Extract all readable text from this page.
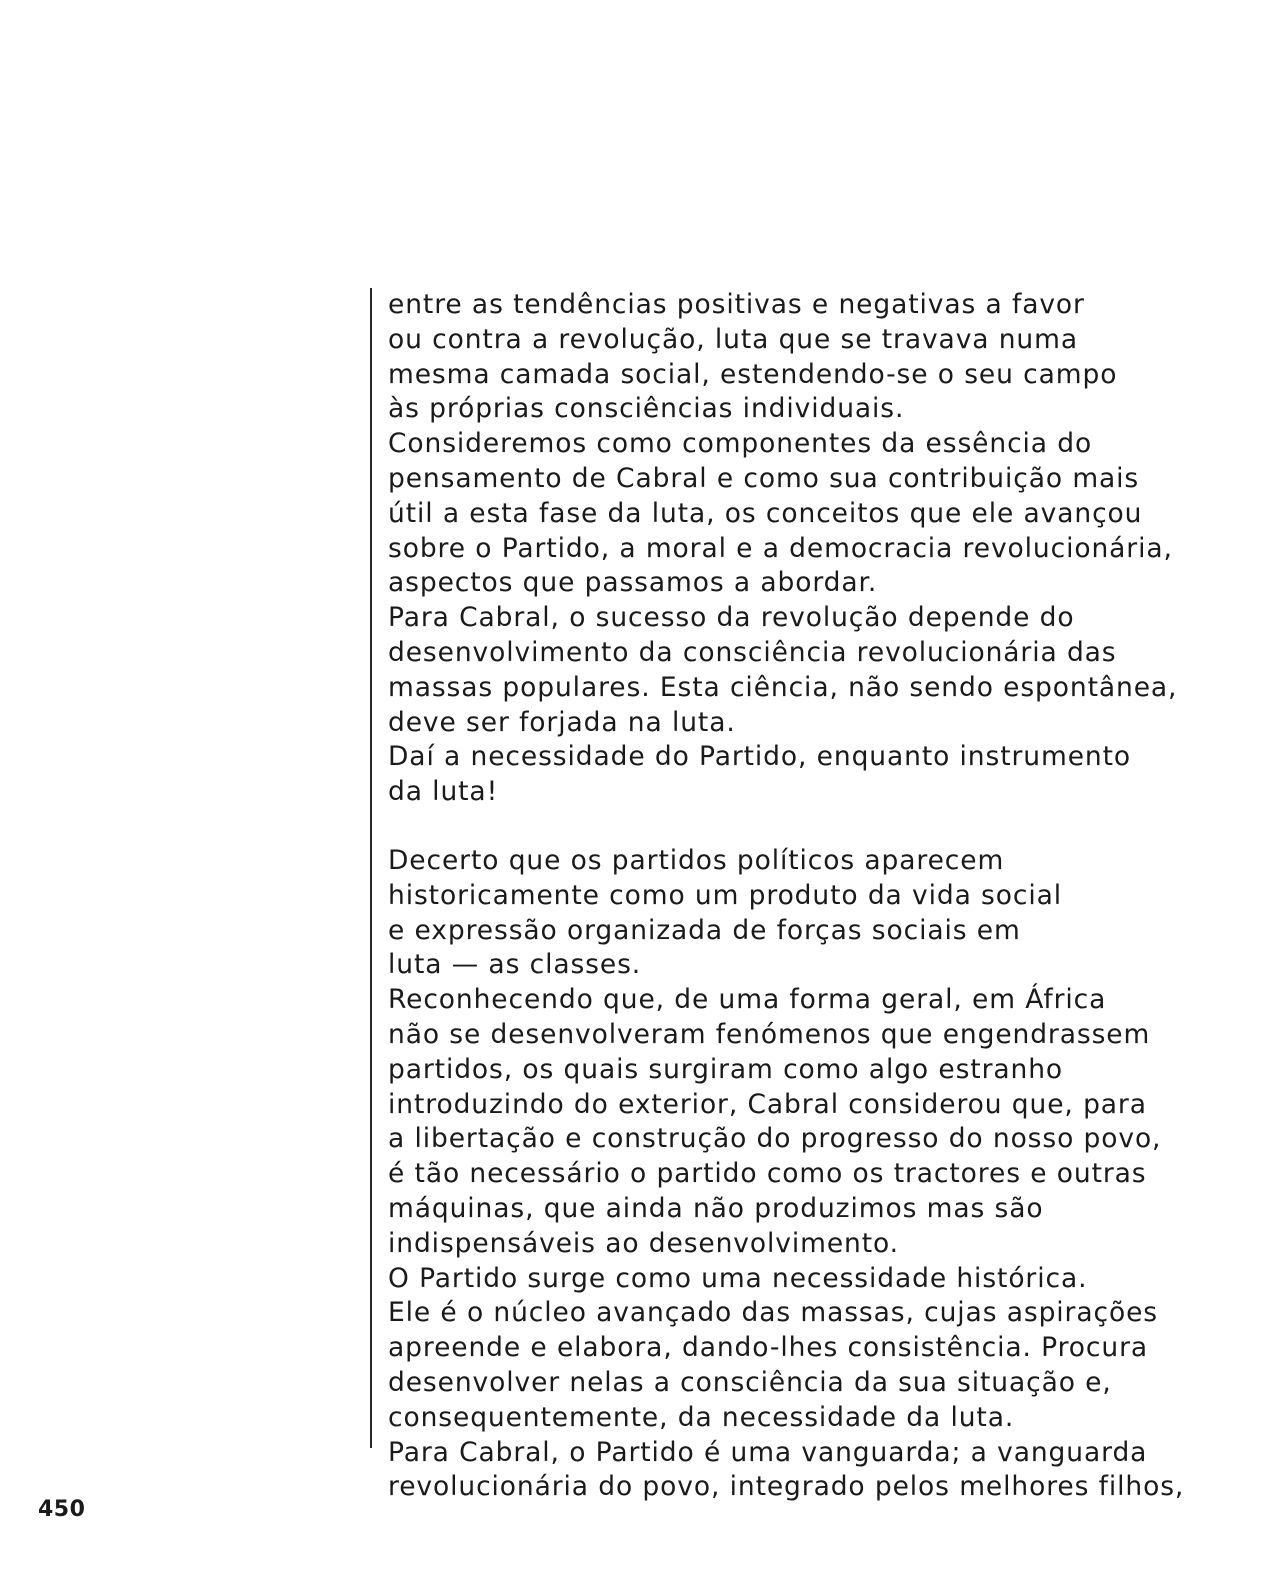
entre as tendências positivas e negativas a favor
ou contra a revolução, luta que se travava numa
mesma camada social, estendendo-se o seu campo
às próprias consciências individuais.

Consideremos como componentes da essência do
pensamento de Cabral e como sua contribuição mais
útil a esta fase da luta, os conceitos que ele avançou
sobre o Partido, a moral e a democracia revolucionária,
aspectos que passamos a abordar.

Para Cabral, o sucesso da revolução depende do
desenvolvimento da consciência revolucionária das
massas populares. Esta ciência, não sendo espontânea,
deve ser forjada na luta.

Daí a necessidade do Partido, enquanto instrumento
da luta!

Decerto que os partidos políticos aparecem
historicamente como um produto da vida social
e expressão organizada de forças sociais em
luta — as classes.

Reconhecendo que, de uma forma geral, em África
não se desenvolveram fenómenos que engendrassem
partidos, os quais surgiram como algo estranho
introduzindo do exterior, Cabral considerou que, para
a libertação e construção do progresso do nosso povo,
é tão necessário o partido como os tractores e outras
máquinas, que ainda não produzimos mas são
indispensáveis ao desenvolvimento.

O Partido surge como uma necessidade histórica.

Ele é o núcleo avançado das massas, cujas aspirações
apreende e elabora, dando-lhes consistência. Procura
desenvolver nelas a consciência da sua situação e,
consequentemente, da necessidade da luta.

Para Cabral, o Partido é uma vanguarda; a vanguarda
revolucionária do povo, integrado pelos melhores filhos,

450
